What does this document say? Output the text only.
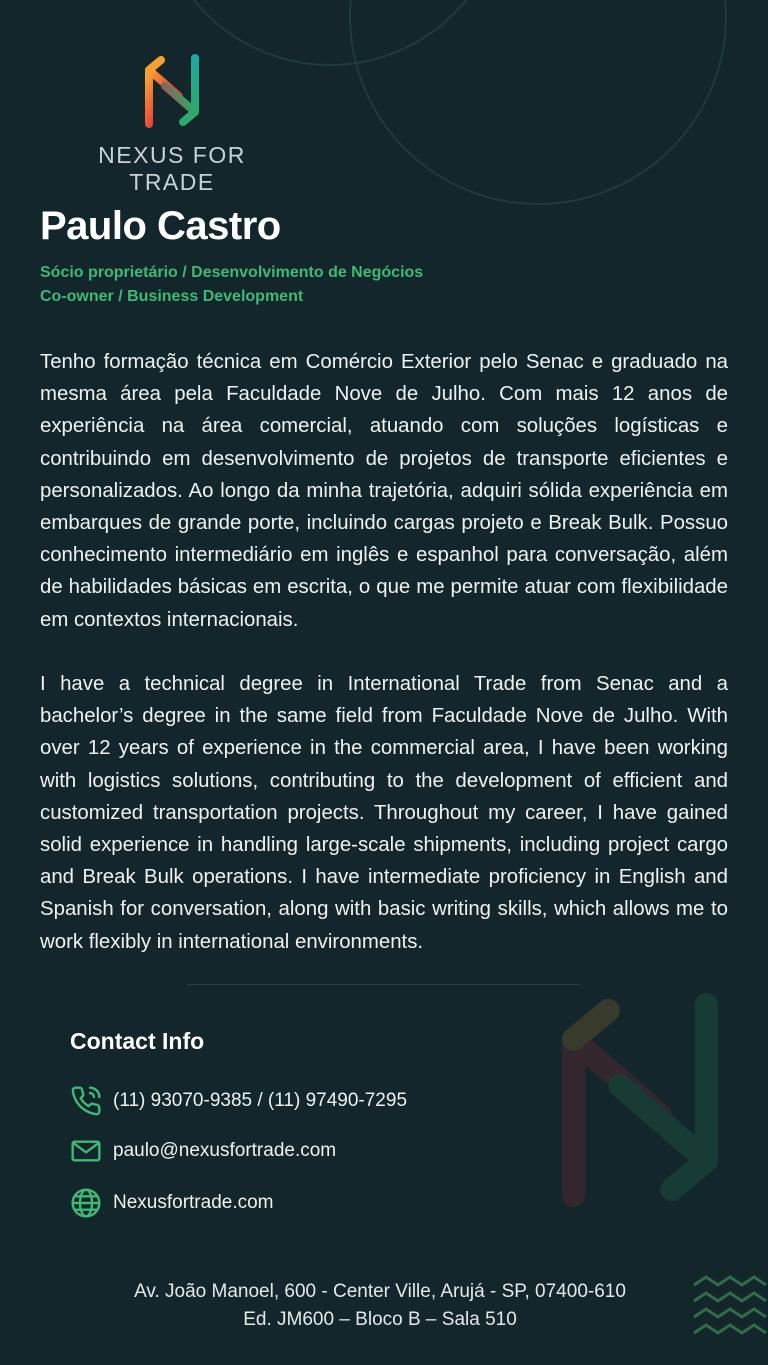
NEXUS FOR
TRADE
Paulo Castro
Sócio proprietário / Desenvolvimento de Negócios
Co-owner / Business Development

Tenho formação técnica em Comércio Exterior pelo Senac e graduado na mesma área pela Faculdade Nove de Julho. Com mais 12 anos de experiência na área comercial, atuando com soluções logísticas e contribuindo em desenvolvimento de projetos de transporte eficientes e personalizados. Ao longo da minha trajetória, adquiri sólida experiência em embarques de grande porte, incluindo cargas projeto e Break Bulk. Possuo conhecimento intermediário em inglês e espanhol para conversação, além de habilidades básicas em escrita, o que me permite atuar com flexibilidade em contextos internacionais.

I have a technical degree in International Trade from Senac and a bachelor’s degree in the same field from Faculdade Nove de Julho. With over 12 years of experience in the commercial area, I have been working with logistics solutions, contributing to the development of efficient and customized transportation projects. Throughout my career, I have gained solid experience in handling large-scale shipments, including project cargo and Break Bulk operations. I have intermediate proficiency in English and Spanish for conversation, along with basic writing skills, which allows me to work flexibly in international environments.

Contact Info
(11) 93070-9385 / (11) 97490-7295
paulo@nexusfortrade.com
Nexusfortrade.com
Av. João Manoel, 600 - Center Ville, Arujá - SP, 07400-610
Ed. JM600 – Bloco B – Sala 510
